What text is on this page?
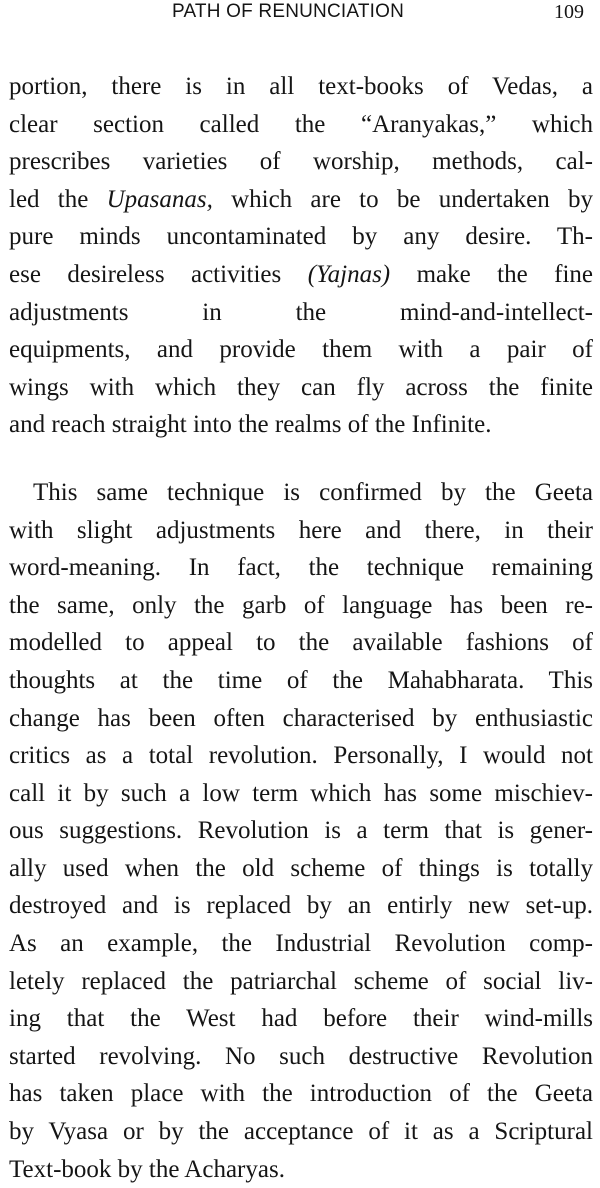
PATH OF RENUNCIATION	109
portion, there is in all text-books of Vedas, a
clear section called the “Aranyakas,” which
prescribes varieties of worship, methods, cal-
led the Upasanas, which are to be undertaken by
pure minds uncontaminated by any desire. Th-
ese desireless activities (Yajnas) make the fine
adjustments in the mind-and-intellect-
equipments, and provide them with a pair of
wings with which they can fly across the finite
and reach straight into the realms of the Infinite.
This same technique is confirmed by the Geeta
with slight adjustments here and there, in their
word-meaning. In fact, the technique remaining
the same, only the garb of language has been re-
modelled to appeal to the available fashions of
thoughts at the time of the Mahabharata. This
change has been often characterised by enthusiastic
critics as a total revolution. Personally, I would not
call it by such a low term which has some mischiev-
ous suggestions. Revolution is a term that is gener-
ally used when the old scheme of things is totally
destroyed and is replaced by an entirly new set-up.
As an example, the Industrial Revolution comp-
letely replaced the patriarchal scheme of social liv-
ing that the West had before their wind-mills
started revolving. No such destructive Revolution
has taken place with the introduction of the Geeta
by Vyasa or by the acceptance of it as a Scriptural
Text-book by the Acharyas.
